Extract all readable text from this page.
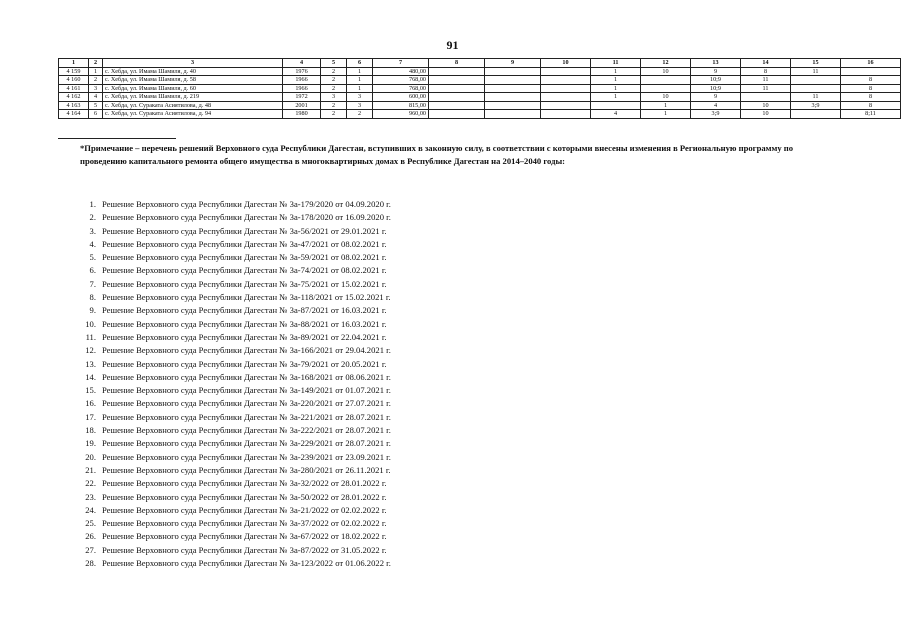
91
1	2	3	4	5	6	7	8	9	10	11	12	13	14	15	16
4 159	1	с. Хебда, ул. Имама Шамиля, д. 40	1976	2	1	480,00				1	10	9	8	11	
4 160	2	с. Хебда, ул. Имама Шамиля, д. 58	1966	2	1	768,00				1		10;9	11		8
4 161	3	с. Хебда, ул. Имама Шамиля, д. 60	1966	2	1	768,00				1		10;9	11		8
4 162	4	с. Хебда, ул. Имама Шамиля, д. 219	1972	3	3	600,00				1	10	9		11	8
4 163	5	с. Хебда, ул. Сураката Асиятилова, д. 48	2001	2	3	815,00					1	4	10	3;9	8
4 164	6	с. Хебда, ул. Сураката Асиятилова, д. 94	1980	2	2	960,00				4	1	3;9	10		8;11
*Примечание – перечень решений Верховного суда Республики Дагестан, вступивших в законную силу, в соответствии с которыми внесены изменения в Региональную программу по проведению капитального ремонта общего имущества в многоквартирных домах в Республике Дагестан на 2014–2040 годы:
1. Решение Верховного суда Республики Дагестан № 3а-179/2020 от 04.09.2020 г.
2. Решение Верховного суда Республики Дагестан № 3а-178/2020 от 16.09.2020 г.
3. Решение Верховного суда Республики Дагестан № 3а-56/2021 от 29.01.2021 г.
4. Решение Верховного суда Республики Дагестан № 3а-47/2021 от 08.02.2021 г.
5. Решение Верховного суда Республики Дагестан № 3а-59/2021 от 08.02.2021 г.
6. Решение Верховного суда Республики Дагестан № 3а-74/2021 от 08.02.2021 г.
7. Решение Верховного суда Республики Дагестан № 3а-75/2021 от 15.02.2021 г.
8. Решение Верховного суда Республики Дагестан № 3а-118/2021 от 15.02.2021 г.
9. Решение Верховного суда Республики Дагестан № 3а-87/2021 от 16.03.2021 г.
10. Решение Верховного суда Республики Дагестан № 3а-88/2021 от 16.03.2021 г.
11. Решение Верховного суда Республики Дагестан № 3а-89/2021 от 22.04.2021 г.
12. Решение Верховного суда Республики Дагестан № 3а-166/2021 от 29.04.2021 г.
13. Решение Верховного суда Республики Дагестан № 3а-79/2021 от 20.05.2021 г.
14. Решение Верховного суда Республики Дагестан № 3а-168/2021 от 08.06.2021 г.
15. Решение Верховного суда Республики Дагестан № 3а-149/2021 от 01.07.2021 г.
16. Решение Верховного суда Республики Дагестан № 3а-220/2021 от 27.07.2021 г.
17. Решение Верховного суда Республики Дагестан № 3а-221/2021 от 28.07.2021 г.
18. Решение Верховного суда Республики Дагестан № 3а-222/2021 от 28.07.2021 г.
19. Решение Верховного суда Республики Дагестан № 3а-229/2021 от 28.07.2021 г.
20. Решение Верховного суда Республики Дагестан № 3а-239/2021 от 23.09.2021 г.
21. Решение Верховного суда Республики Дагестан № 3а-280/2021 от 26.11.2021 г.
22. Решение Верховного суда Республики Дагестан № 3а-32/2022 от 28.01.2022 г.
23. Решение Верховного суда Республики Дагестан № 3а-50/2022 от 28.01.2022 г.
24. Решение Верховного суда Республики Дагестан № 3а-21/2022 от 02.02.2022 г.
25. Решение Верховного суда Республики Дагестан № 3а-37/2022 от 02.02.2022 г.
26. Решение Верховного суда Республики Дагестан № 3а-67/2022 от 18.02.2022 г.
27. Решение Верховного суда Республики Дагестан № 3а-87/2022 от 31.05.2022 г.
28. Решение Верховного суда Республики Дагестан № 3а-123/2022 от 01.06.2022 г.
